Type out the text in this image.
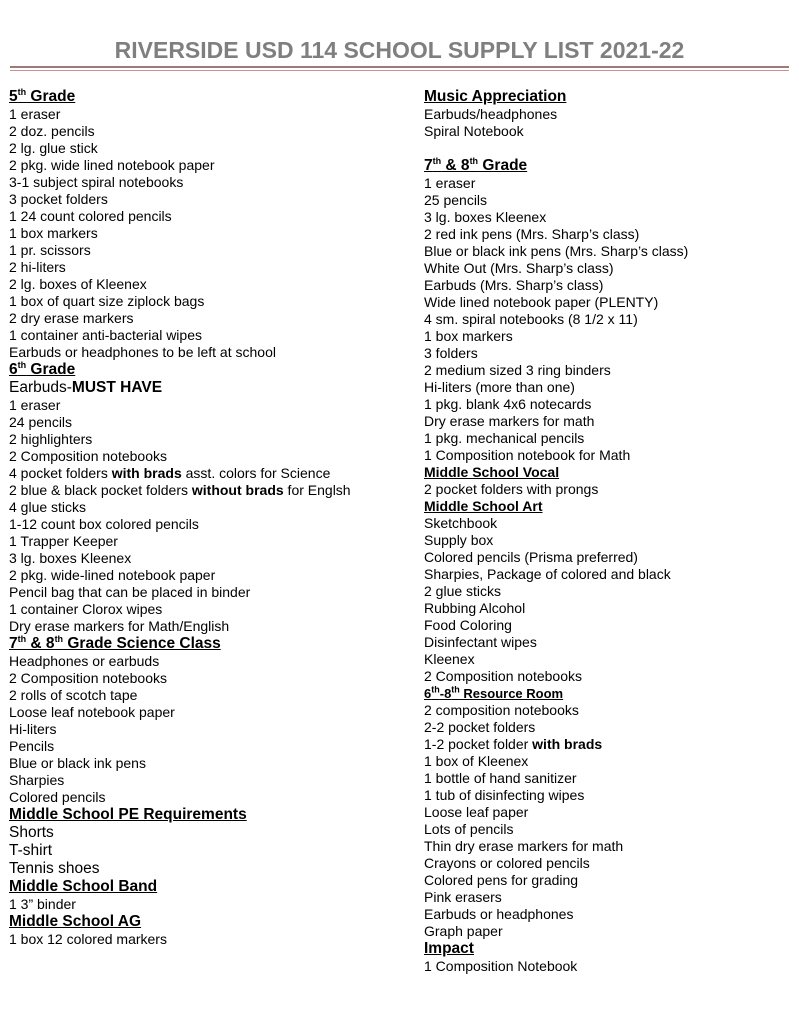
RIVERSIDE USD 114 SCHOOL SUPPLY LIST 2021-22
5th Grade
1 eraser
2 doz. pencils
2 lg. glue stick
2 pkg. wide lined notebook paper
3-1 subject spiral notebooks
3 pocket folders
1 24 count colored pencils
1 box markers
1 pr. scissors
2 hi-liters
2 lg. boxes of Kleenex
1 box of quart size ziplock bags
2 dry erase markers
1 container anti-bacterial wipes
Earbuds or headphones to be left at school
6th Grade
Earbuds-MUST HAVE
1 eraser
24 pencils
2 highlighters
2 Composition notebooks
4 pocket folders with brads asst. colors for Science
2 blue & black pocket folders without brads for Englsh
4 glue sticks
1-12 count box colored pencils
1 Trapper Keeper
3 lg. boxes Kleenex
2 pkg. wide-lined notebook paper
Pencil bag that can be placed in binder
1 container Clorox wipes
Dry erase markers for Math/English
7th & 8th Grade Science Class
Headphones or earbuds
2 Composition notebooks
2 rolls of scotch tape
Loose leaf notebook paper
Hi-liters
Pencils
Blue or black ink pens
Sharpies
Colored pencils
Middle School PE Requirements
Shorts
T-shirt
Tennis shoes
Middle School Band
1 3” binder
Middle School AG
1 box 12 colored markers
Music Appreciation
Earbuds/headphones
Spiral Notebook
7th & 8th Grade
1 eraser
25 pencils
3 lg. boxes Kleenex
2 red ink pens (Mrs. Sharp’s class)
Blue or black ink pens (Mrs. Sharp’s class)
White Out (Mrs. Sharp’s class)
Earbuds (Mrs. Sharp’s class)
Wide lined notebook paper (PLENTY)
4 sm. spiral notebooks (8 1/2 x 11)
1 box markers
3 folders
2 medium sized 3 ring binders
Hi-liters (more than one)
1 pkg. blank 4x6 notecards
Dry erase markers for math
1 pkg. mechanical pencils
1 Composition notebook for Math
Middle School Vocal
2 pocket folders with prongs
Middle School Art
Sketchbook
Supply box
Colored pencils (Prisma preferred)
Sharpies, Package of colored and black
2 glue sticks
Rubbing Alcohol
Food Coloring
Disinfectant wipes
Kleenex
2 Composition notebooks
6th-8th Resource Room
2 composition notebooks
2-2 pocket folders
1-2 pocket folder with brads
1 box of Kleenex
1 bottle of hand sanitizer
1 tub of disinfecting wipes
Loose leaf paper
Lots of pencils
Thin dry erase markers for math
Crayons or colored pencils
Colored pens for grading
Pink erasers
Earbuds or headphones
Graph paper
Impact
1 Composition Notebook
